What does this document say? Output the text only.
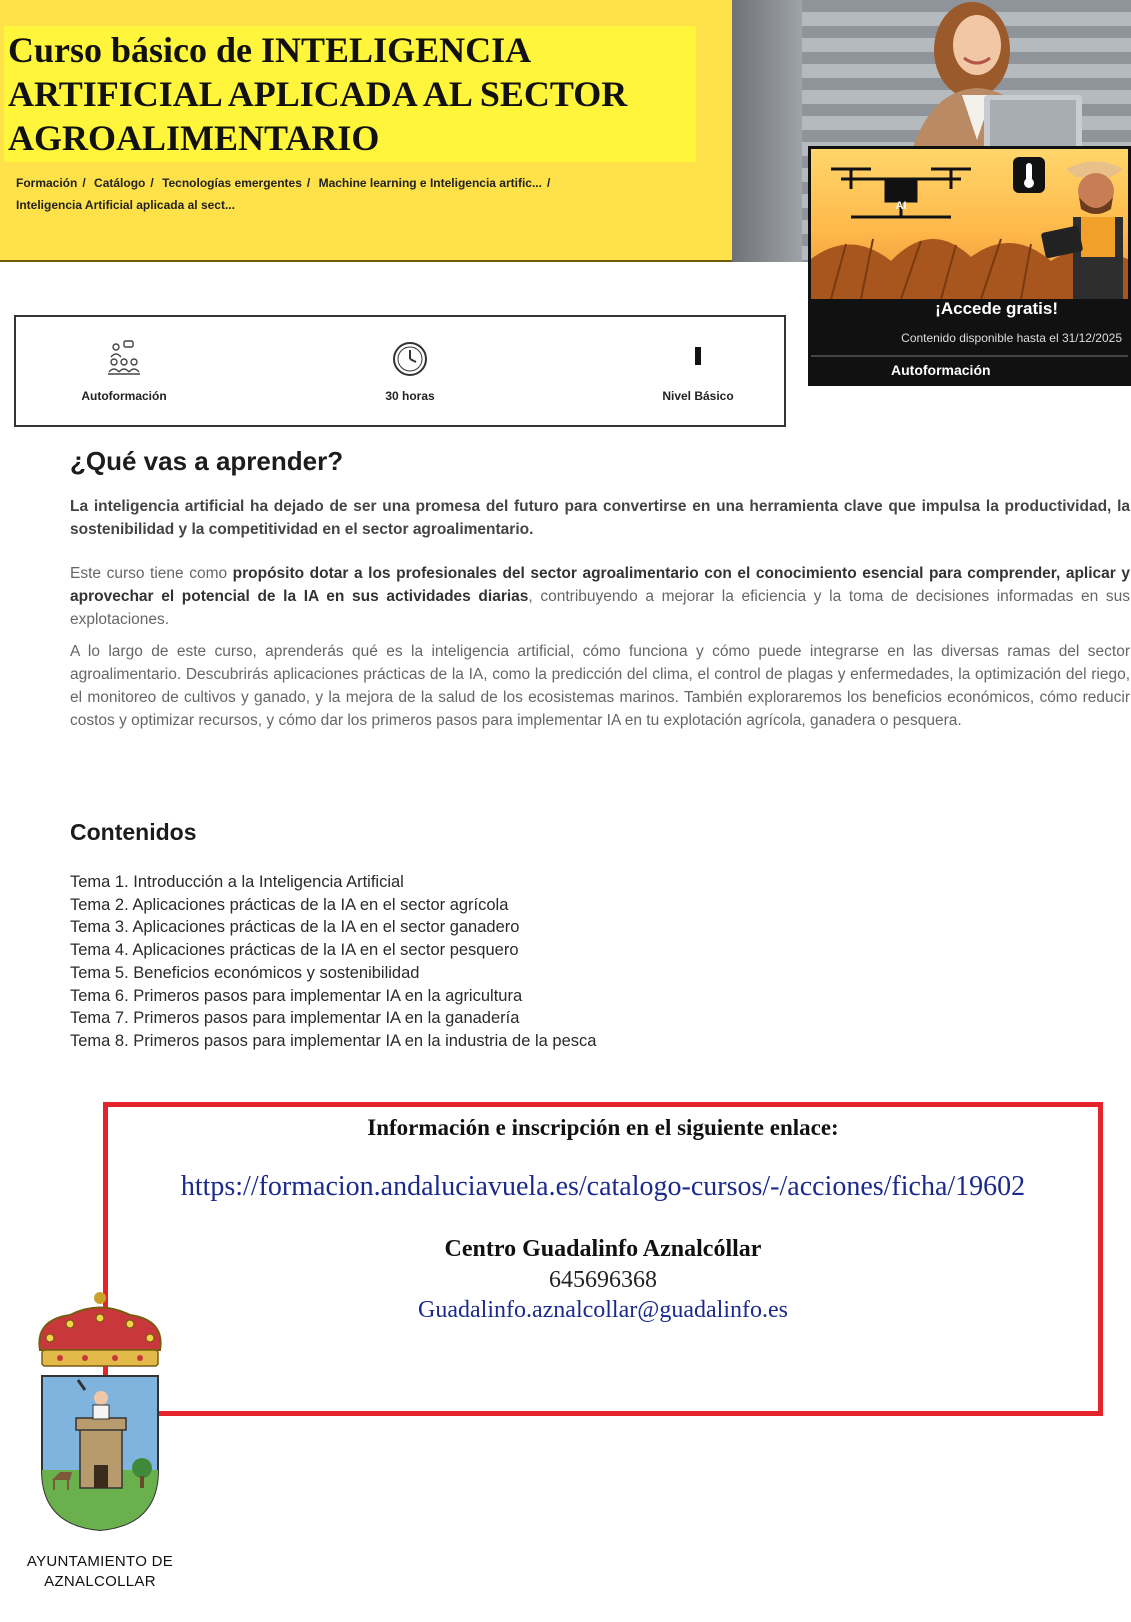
Curso básico de INTELIGENCIA ARTIFICIAL APLICADA AL SECTOR AGROALIMENTARIO
Formación / Catálogo / Tecnologías emergentes / Machine learning e Inteligencia artific... /
Inteligencia Artificial aplicada al sect...	AI
¡Accede gratis!
Contenido disponible hasta el 31/12/2025
Autoformación
Autoformación	30 horas	Nivel Básico
¿Qué vas a aprender?

La inteligencia artificial ha dejado de ser una promesa del futuro para convertirse en una herramienta clave que impulsa la productividad, la sostenibilidad y la competitividad en el sector agroalimentario.

Este curso tiene como propósito dotar a los profesionales del sector agroalimentario con el conocimiento esencial para comprender, aplicar y aprovechar el potencial de la IA en sus actividades diarias, contribuyendo a mejorar la eficiencia y la toma de decisiones informadas en sus explotaciones.

A lo largo de este curso, aprenderás qué es la inteligencia artificial, cómo funciona y cómo puede integrarse en las diversas ramas del sector agroalimentario. Descubrirás aplicaciones prácticas de la IA, como la predicción del clima, el control de plagas y enfermedades, la optimización del riego, el monitoreo de cultivos y ganado, y la mejora de la salud de los ecosistemas marinos. También exploraremos los beneficios económicos, cómo reducir costos y optimizar recursos, y cómo dar los primeros pasos para implementar IA en tu explotación agrícola, ganadera o pesquera.

Contenidos
Tema 1. Introducción a la Inteligencia Artificial
Tema 2. Aplicaciones prácticas de la IA en el sector agrícola
Tema 3. Aplicaciones prácticas de la IA en el sector ganadero
Tema 4. Aplicaciones prácticas de la IA en el sector pesquero
Tema 5. Beneficios económicos y sostenibilidad
Tema 6. Primeros pasos para implementar IA en la agricultura
Tema 7. Primeros pasos para implementar IA en la ganadería
Tema 8. Primeros pasos para implementar IA en la industria de la pesca
Información e inscripción en el siguiente enlace:
https://formacion.andaluciavuela.es/catalogo-cursos/-/acciones/ficha/19602
Centro Guadalinfo Aznalcóllar
645696368
Guadalinfo.aznalcollar@guadalinfo.es
AYUNTAMIENTO DE
AZNALCOLLAR
